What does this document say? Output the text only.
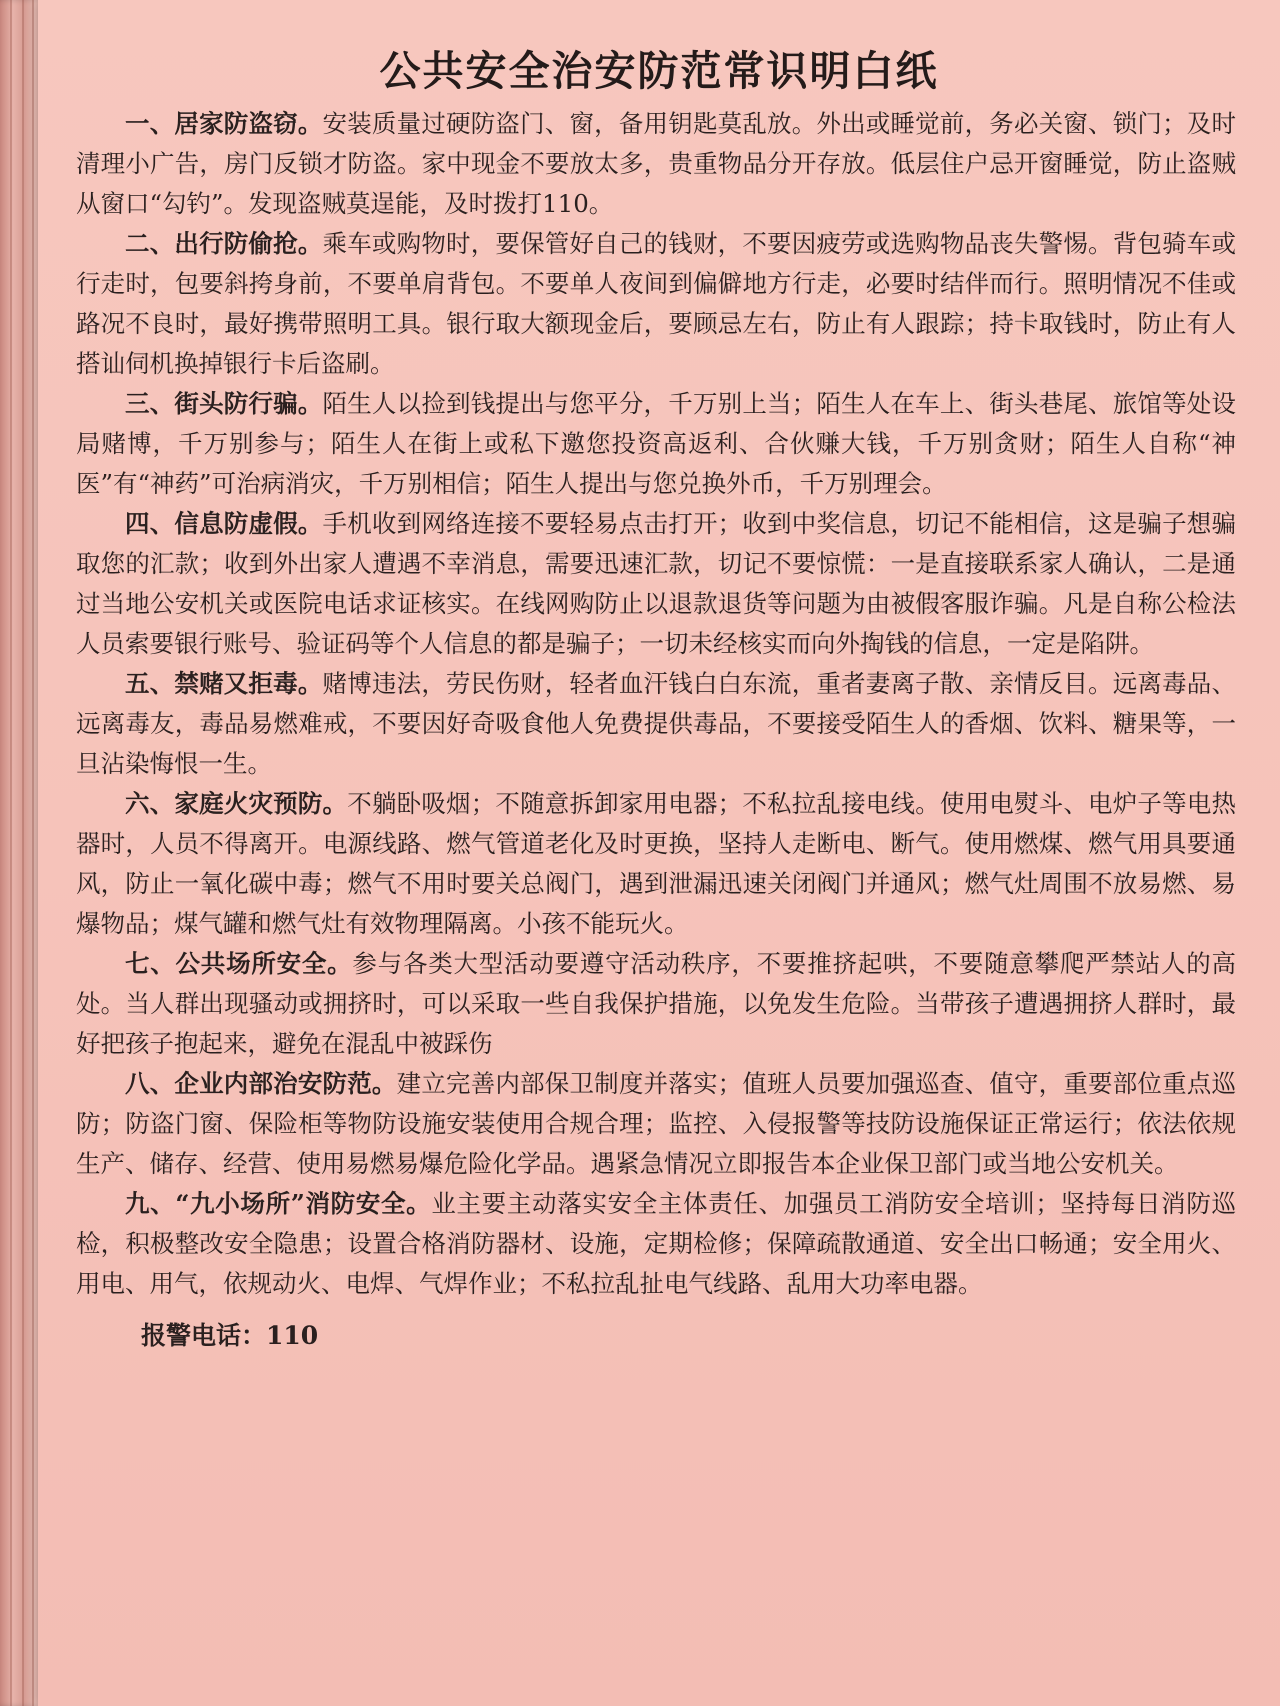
公共安全治安防范常识明白纸

一、居家防盗窃。安装质量过硬防盗门、窗，备用钥匙莫乱放。外出或睡觉前，务必关窗、锁门；及时清理小广告，房门反锁才防盗。家中现金不要放太多，贵重物品分开存放。低层住户忌开窗睡觉，防止盗贼从窗口“勾钓”。发现盗贼莫逞能，及时拨打110。

二、出行防偷抢。乘车或购物时，要保管好自己的钱财，不要因疲劳或选购物品丧失警惕。背包骑车或行走时，包要斜挎身前，不要单肩背包。不要单人夜间到偏僻地方行走，必要时结伴而行。照明情况不佳或路况不良时，最好携带照明工具。银行取大额现金后，要顾忌左右，防止有人跟踪；持卡取钱时，防止有人搭讪伺机换掉银行卡后盗刷。

三、街头防行骗。陌生人以捡到钱提出与您平分，千万别上当；陌生人在车上、街头巷尾、旅馆等处设局赌博，千万别参与；陌生人在街上或私下邀您投资高返利、合伙赚大钱，千万别贪财；陌生人自称“神医”有“神药”可治病消灾，千万别相信；陌生人提出与您兑换外币，千万别理会。

四、信息防虚假。手机收到网络连接不要轻易点击打开；收到中奖信息，切记不能相信，这是骗子想骗取您的汇款；收到外出家人遭遇不幸消息，需要迅速汇款，切记不要惊慌：一是直接联系家人确认，二是通过当地公安机关或医院电话求证核实。在线网购防止以退款退货等问题为由被假客服诈骗。凡是自称公检法人员索要银行账号、验证码等个人信息的都是骗子；一切未经核实而向外掏钱的信息，一定是陷阱。

五、禁赌又拒毒。赌博违法，劳民伤财，轻者血汗钱白白东流，重者妻离子散、亲情反目。远离毒品、远离毒友，毒品易燃难戒，不要因好奇吸食他人免费提供毒品，不要接受陌生人的香烟、饮料、糖果等，一旦沾染悔恨一生。

六、家庭火灾预防。不躺卧吸烟；不随意拆卸家用电器；不私拉乱接电线。使用电熨斗、电炉子等电热器时，人员不得离开。电源线路、燃气管道老化及时更换，坚持人走断电、断气。使用燃煤、燃气用具要通风，防止一氧化碳中毒；燃气不用时要关总阀门，遇到泄漏迅速关闭阀门并通风；燃气灶周围不放易燃、易爆物品；煤气罐和燃气灶有效物理隔离。小孩不能玩火。

七、公共场所安全。参与各类大型活动要遵守活动秩序，不要推挤起哄，不要随意攀爬严禁站人的高处。当人群出现骚动或拥挤时，可以采取一些自我保护措施，以免发生危险。当带孩子遭遇拥挤人群时，最好把孩子抱起来，避免在混乱中被踩伤

八、企业内部治安防范。建立完善内部保卫制度并落实；值班人员要加强巡查、值守，重要部位重点巡防；防盗门窗、保险柜等物防设施安装使用合规合理；监控、入侵报警等技防设施保证正常运行；依法依规生产、储存、经营、使用易燃易爆危险化学品。遇紧急情况立即报告本企业保卫部门或当地公安机关。

九、“九小场所”消防安全。业主要主动落实安全主体责任、加强员工消防安全培训；坚持每日消防巡检，积极整改安全隐患；设置合格消防器材、设施，定期检修；保障疏散通道、安全出口畅通；安全用火、用电、用气，依规动火、电焊、气焊作业；不私拉乱扯电气线路、乱用大功率电器。

报警电话：110
